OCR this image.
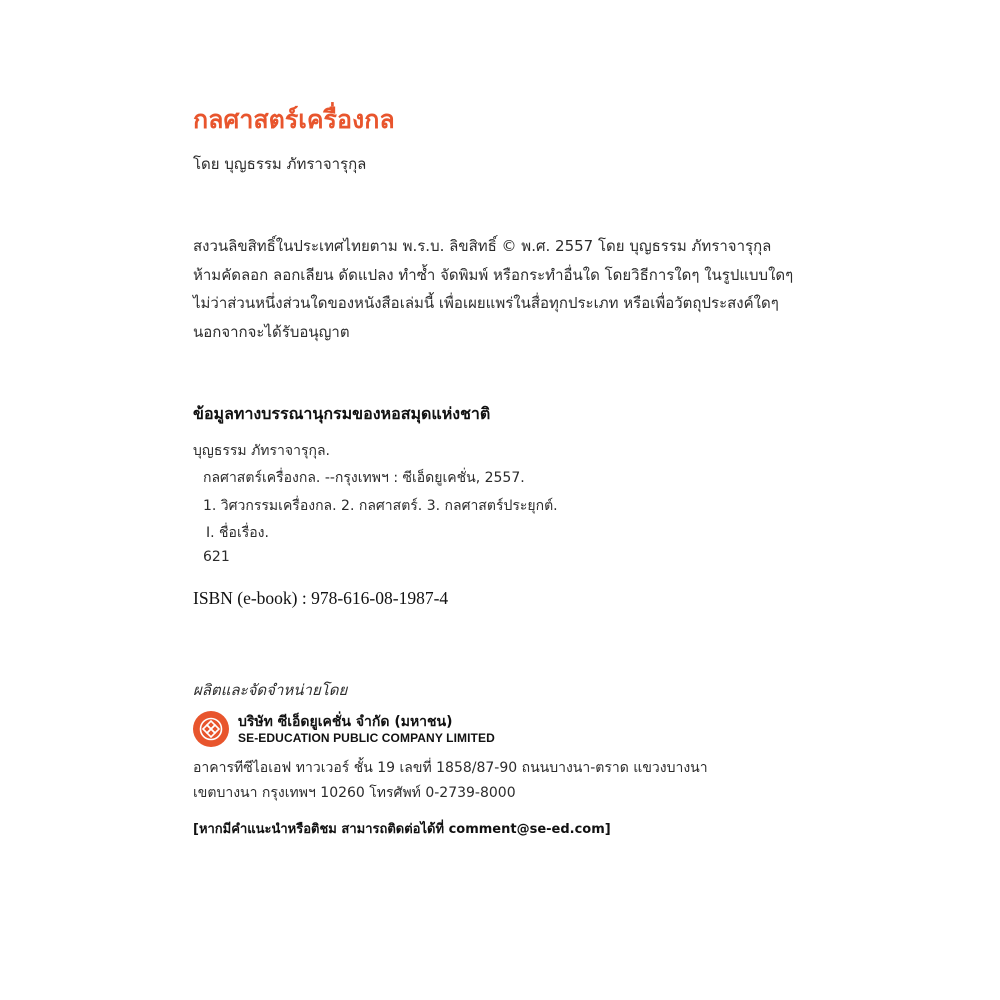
กลศาสตร์เครื่องกล
โดย บุญธรรม ภัทราจารุกุล
สงวนลิขสิทธิ์ในประเทศไทยตาม พ.ร.บ. ลิขสิทธิ์ © พ.ศ. 2557 โดย บุญธรรม ภัทราจารุกุล
ห้ามคัดลอก ลอกเลียน ดัดแปลง ทำซ้ำ จัดพิมพ์ หรือกระทำอื่นใด โดยวิธีการใดๆ ในรูปแบบใดๆ
ไม่ว่าส่วนหนึ่งส่วนใดของหนังสือเล่มนี้ เพื่อเผยแพร่ในสื่อทุกประเภท หรือเพื่อวัตถุประสงค์ใดๆ
นอกจากจะได้รับอนุญาต
ข้อมูลทางบรรณานุกรมของหอสมุดแห่งชาติ
บุญธรรม ภัทราจารุกุล.
กลศาสตร์เครื่องกล. --กรุงเทพฯ : ซีเอ็ดยูเคชั่น, 2557.
1. วิศวกรรมเครื่องกล. 2. กลศาสตร์. 3. กลศาสตร์ประยุกต์.
I. ชื่อเรื่อง.
621
ISBN (e-book) : 978-616-08-1987-4
ผลิตและจัดจำหน่ายโดย
บริษัท ซีเอ็ดยูเคชั่น จำกัด (มหาชน)
SE-EDUCATION PUBLIC COMPANY LIMITED
อาคารทีซีไอเอฟ ทาวเวอร์ ชั้น 19 เลขที่ 1858/87-90 ถนนบางนา-ตราด แขวงบางนา
เขตบางนา กรุงเทพฯ 10260 โทรศัพท์ 0-2739-8000
[หากมีคำแนะนำหรือติชม สามารถติดต่อได้ที่ comment@se-ed.com]
